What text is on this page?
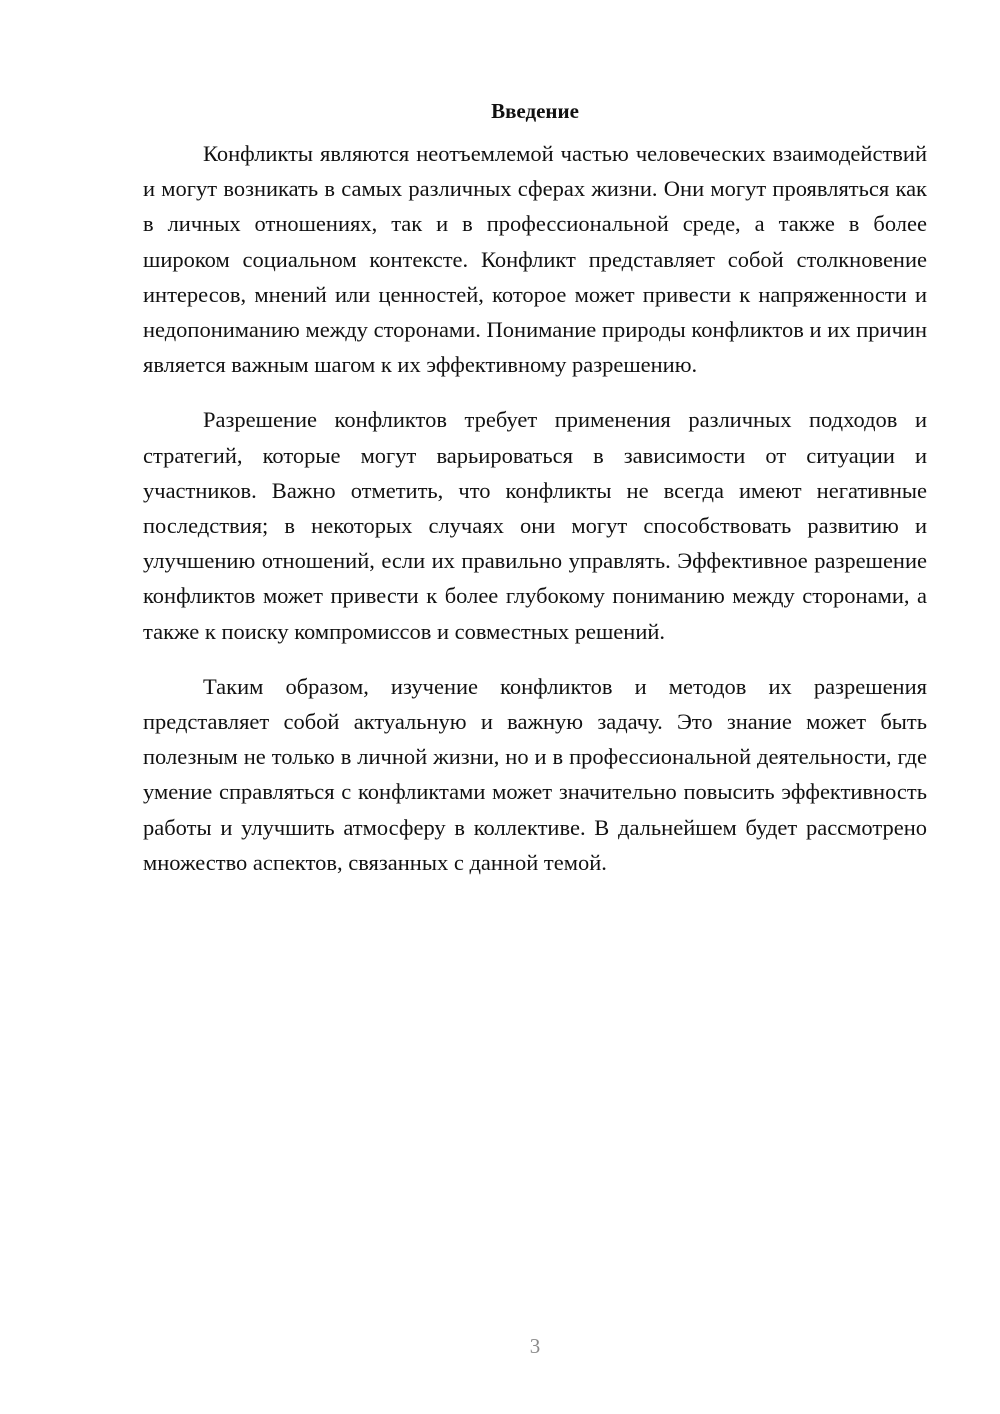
Введение

Конфликты являются неотъемлемой частью человеческих взаимодействий и могут возникать в самых различных сферах жизни. Они могут проявляться как в личных отношениях, так и в профессиональной среде, а также в более широком социальном контексте. Конфликт представляет собой столкновение интересов, мнений или ценностей, которое может привести к напряженности и недопониманию между сторонами. Понимание природы конфликтов и их причин является важным шагом к их эффективному разрешению.

Разрешение конфликтов требует применения различных подходов и стратегий, которые могут варьироваться в зависимости от ситуации и участников. Важно отметить, что конфликты не всегда имеют негативные последствия; в некоторых случаях они могут способствовать развитию и улучшению отношений, если их правильно управлять. Эффективное разрешение конфликтов может привести к более глубокому пониманию между сторонами, а также к поиску компромиссов и совместных решений.

Таким образом, изучение конфликтов и методов их разрешения представляет собой актуальную и важную задачу. Это знание может быть полезным не только в личной жизни, но и в профессиональной деятельности, где умение справляться с конфликтами может значительно повысить эффективность работы и улучшить атмосферу в коллективе. В дальнейшем будет рассмотрено множество аспектов, связанных с данной темой.

3
